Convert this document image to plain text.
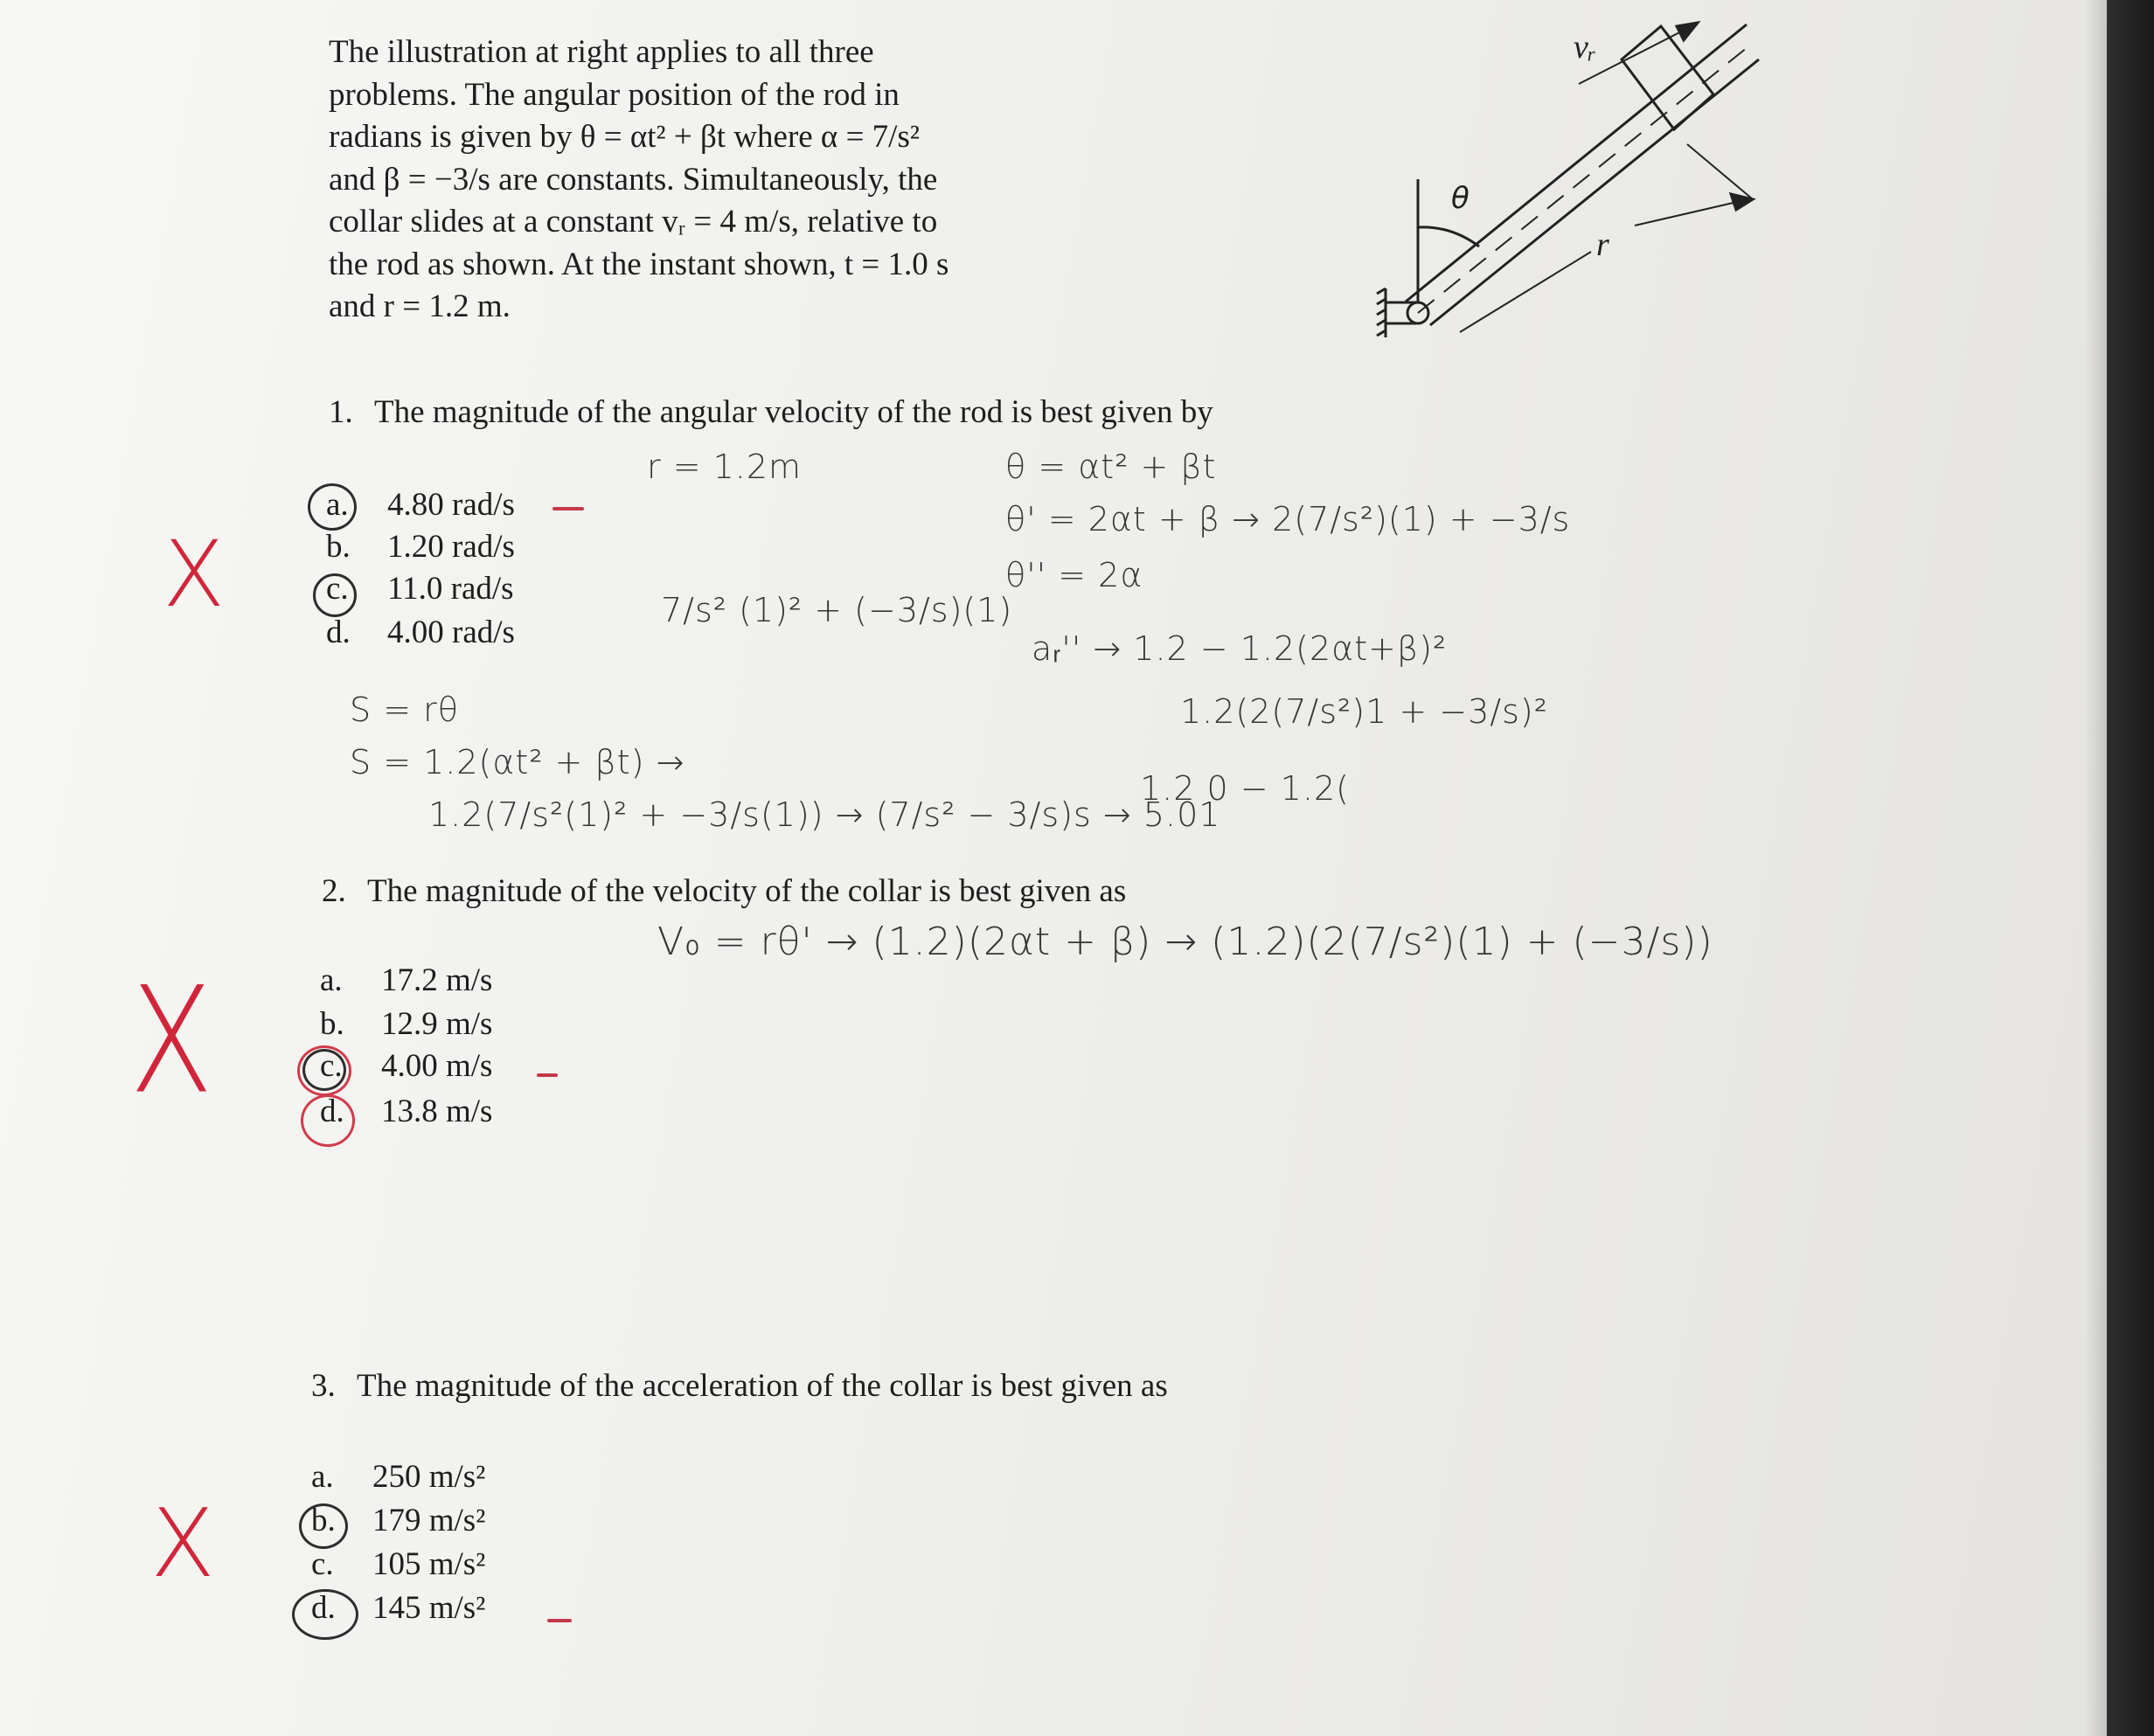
The illustration at right applies to all three
problems. The angular position of the rod in
radians is given by θ = αt² + βt where α = 7/s²
and β = −3/s are constants. Simultaneously, the
collar slides at a constant vᵣ = 4 m/s, relative to
the rod as shown. At the instant shown, t = 1.0 s
and r = 1.2 m.
θ
vᵣ
r
1. The magnitude of the angular velocity of the rod is best given by
a. 4.80 rad/s
b. 1.20 rad/s
c. 11.0 rad/s
d. 4.00 rad/s
2. The magnitude of the velocity of the collar is best given as
a. 17.2 m/s
b. 12.9 m/s
c. 4.00 m/s
d. 13.8 m/s
3. The magnitude of the acceleration of the collar is best given as
a. 250 m/s²
b. 179 m/s²
c. 105 m/s²
d. 145 m/s²
r = 1.2m	θ = αt² + βt
θ' = 2αt + β → 2(7/s²)(1) + −3/s
θ'' = 2α
7/s² (1)² + (−3/s)(1)
aᵣ'' → 1.2 − 1.2(2αt+β)²
1.2(2(7/s²)1 + −3/s)²
1.2 0 − 1.2(
S = rθ
S = 1.2(αt² + βt) →
1.2(7/s²(1)² + −3/s(1)) → (7/s² − 3/s)s → 5.01
V₀ = rθ' → (1.2)(2αt + β) → (1.2)(2(7/s²)(1) + (−3/s))
X
X
X
